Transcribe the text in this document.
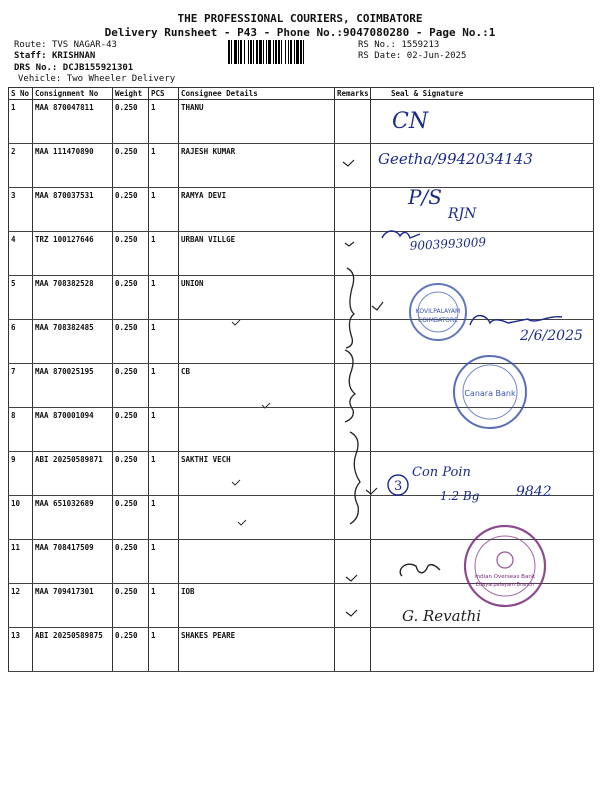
THE PROFESSIONAL COURIERS, COIMBATORE
Delivery Runsheet - P43 - Phone No.:9047080280 - Page No.:1
Route: TVS NAGAR-43
Staff: KRISHNAN
DRS No.: DCJB155921301
Vehicle: Two Wheeler Delivery
RS No.: 1559213
RS Date: 02-Jun-2025
S No	Consignment No	Weight	PCS	Consignee Details	Remarks	Seal & Signature
1	MAA 870047811	0.250	1	THANU		
2	MAA 111470890	0.250	1	RAJESH KUMAR		
3	MAA 870037531	0.250	1	RAMYA DEVI		
4	TRZ 100127646	0.250	1	URBAN VILLGE		
5	MAA 708382528	0.250	1	UNION		
6	MAA 708382485	0.250	1			
7	MAA 870025195	0.250	1	CB		
8	MAA 870001094	0.250	1			
9	ABI 20250589871	0.250	1	SAKTHI VECH		
10	MAA 651032689	0.250	1			
11	MAA 708417509	0.250	1			
12	MAA 709417301	0.250	1	IOB		
13	ABI 20250589875	0.250	1	SHAKES PEARE		
CN
Geetha/9942034143
P/S
RJN
9003993009
KOVILPALAYAM
COIMBATORE
2/6/2025
Canara Bank
3
Con Poin
1.2 Bg	9842
Indian Overseas Bank
Edayarpalayam Branch
G. Revathi
